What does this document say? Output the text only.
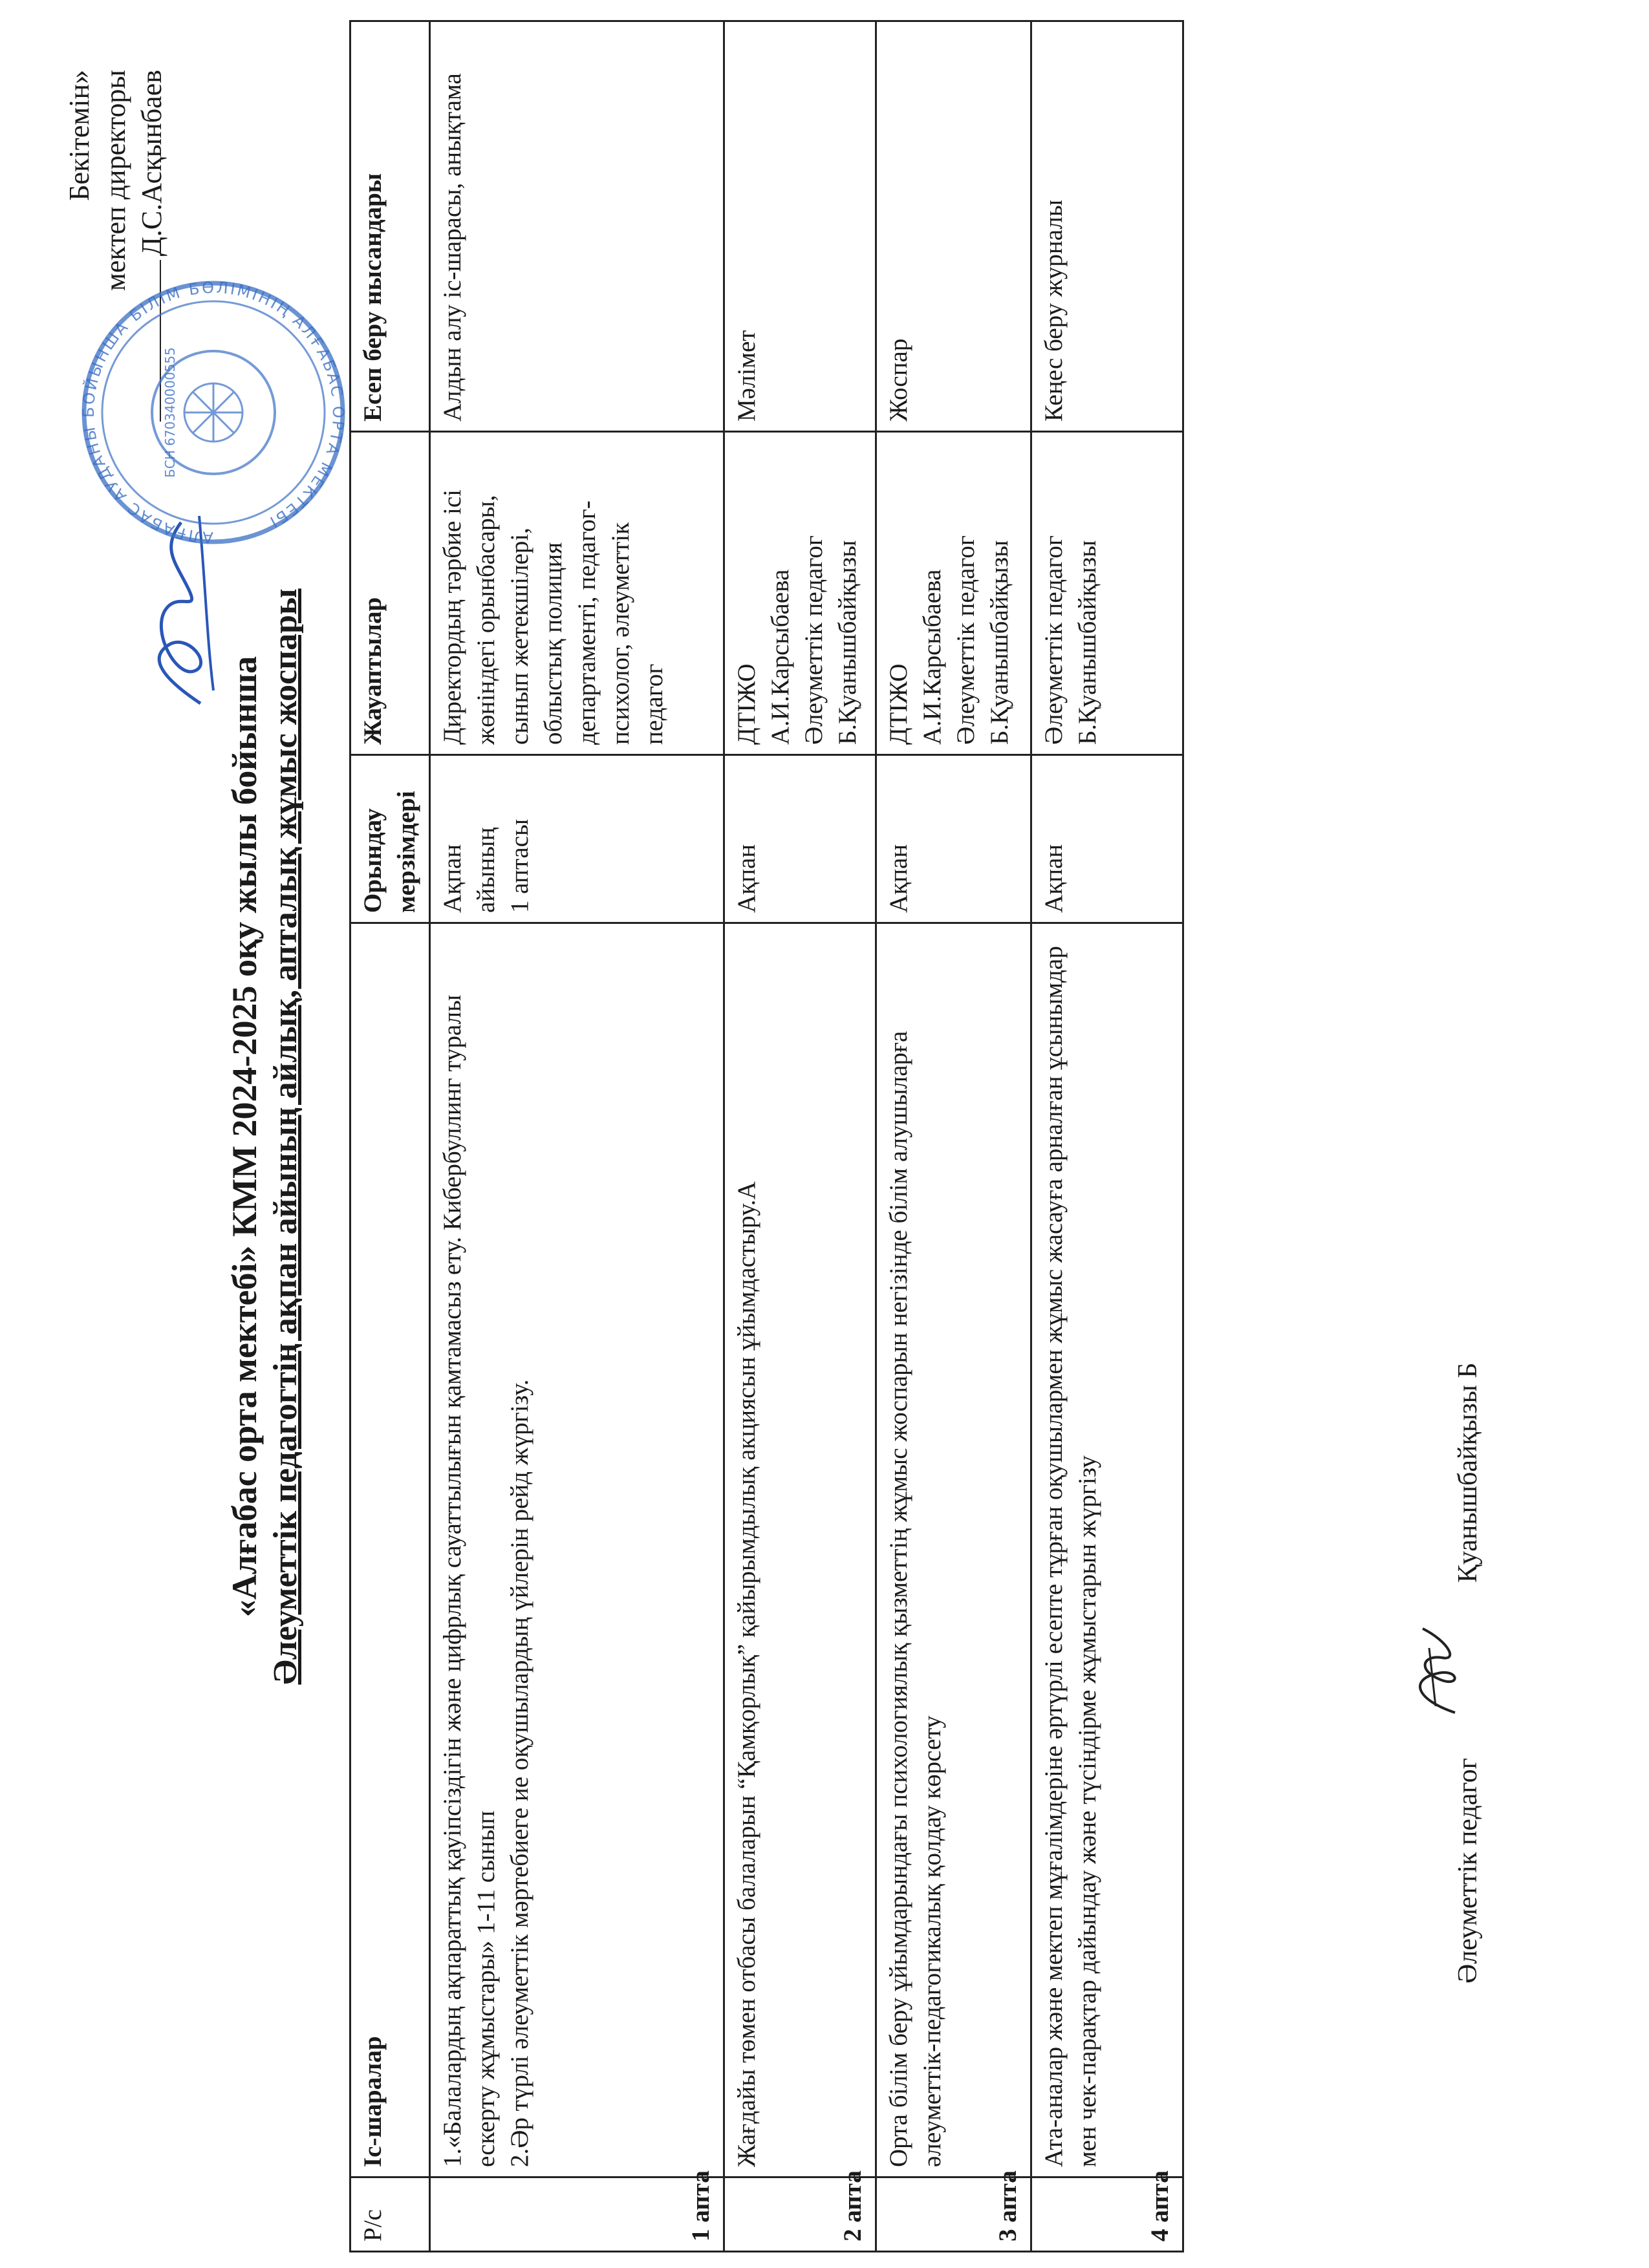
Бекітемін» мектеп директоры Д.С.Асқынбаев
АЛҒАБАС АУДАНЫ БОЙЫНША БІЛІМ БӨЛІМІНІҢ АЛҒАБАС ОРТА МЕКТЕБІ
БСН 670340000555
«Алғабас орта мектебі» КММ 2024-2025 оқу жылы бойынша Әлеуметтік педагогтің ақпан айының айлық, апталық жұмыс жоспары
Р/с	Іс-шаралар	Орындау мерзімдері	Жауаптылар	Есеп беру нысандары
1 апта	1.«Балалардың ақпараттық қауіпсіздігін және цифрлық сауаттылығын қамтамасыз ету. Кибербуллинг туралы ескерту жұмыстары» 1-11 сынып 2.Әр түрлі әлеуметтік мәртебиеге ие оқушылардың үйлерін рейд жүргізу.	Ақпан айының 1 аптасы	Директордың тәрбие ісі жөніндегі орынбасары, сынып жетекшілері, облыстық полиция департаменті, педагог-психолог, әлеуметтік педагог	Алдын алу іс-шарасы, анықтама
2 апта	Жағдайы төмен отбасы балаларын “Қамқорлық” қайырымдылық акциясын ұйымдастыру.А	Ақпан	ДТІЖО А.И.Карсыбаева Әлеуметтік педагог Б.Қуанышбайқызы	Мәлімет
3 апта	Орта білім беру ұйымдарындағы психологиялық қызметтің жұмыс жоспарын негізінде білім алушыларға әлеуметтік-педагогикалық қолдау көрсету	Ақпан	ДТІЖО А.И.Карсыбаева Әлеуметтік педагог Б.Қуанышбайқызы	Жоспар
4 апта	Ата-аналар және мектеп мұғалімдеріне әртүрлі есепте тұрған оқушылармен жұмыс жасауға арналған ұсынымдар мен чек-парақтар дайындау және түсіндірме жұмыстарын жүргізу	Ақпан	Әлеуметтік педагог Б.Қуанышбайқызы	Кеңес беру журналы
Әлеуметтік педагог  Қуанышбайқызы Б
